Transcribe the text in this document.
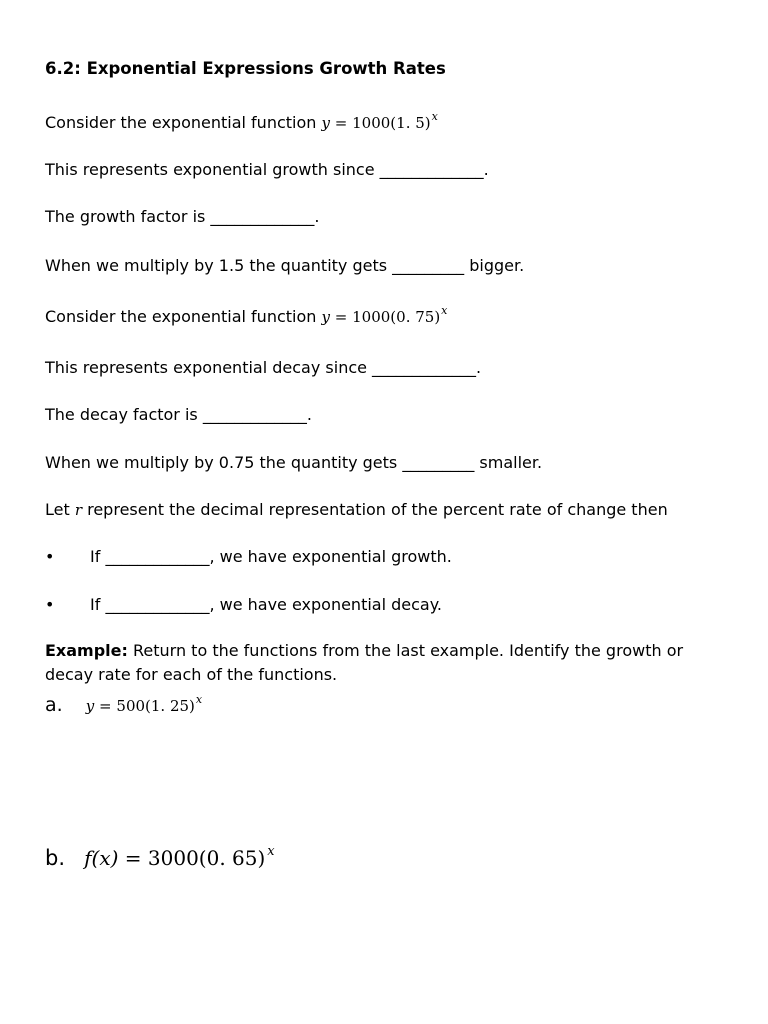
6.2: Exponential Expressions Growth Rates
Consider the exponential function y = 1000(1. 5)$^x$
This represents exponential growth since _____________.
The growth factor is _____________.
When we multiply by 1.5 the quantity gets _________ bigger.
Consider the exponential function y = 1000(0. 75)$^x$
This represents exponential decay since _____________.
The decay factor is _____________.
When we multiply by 0.75 the quantity gets _________ smaller.
Let r represent the decimal representation of the percent rate of change then
• If _____________, we have exponential growth.
• If _____________, we have exponential decay.
Example: Return to the functions from the last example. Identify the growth or decay rate for each of the functions.
a. y = 500(1. 25)$^x$
b. f(x) = 3000(0. 65) $^x$
